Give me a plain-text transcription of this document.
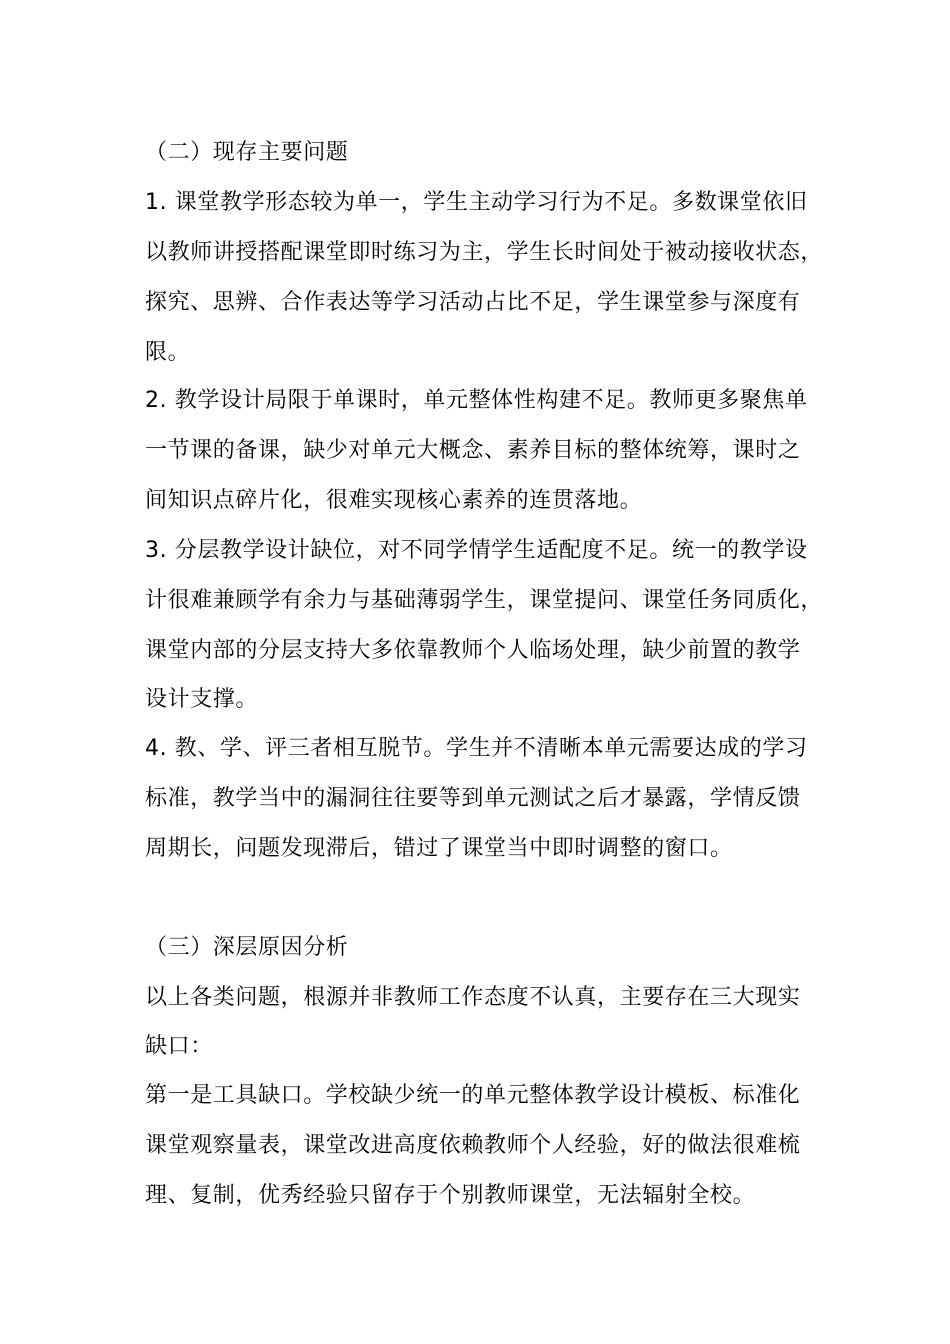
（二）现存主要问题
1. 课堂教学形态较为单一，学生主动学习行为不足。多数课堂依旧
以教师讲授搭配课堂即时练习为主，学生长时间处于被动接收状态，
探究、思辨、合作表达等学习活动占比不足，学生课堂参与深度有
限。
2. 教学设计局限于单课时，单元整体性构建不足。教师更多聚焦单
一节课的备课，缺少对单元大概念、素养目标的整体统筹，课时之
间知识点碎片化，很难实现核心素养的连贯落地。
3. 分层教学设计缺位，对不同学情学生适配度不足。统一的教学设
计很难兼顾学有余力与基础薄弱学生，课堂提问、课堂任务同质化，
课堂内部的分层支持大多依靠教师个人临场处理，缺少前置的教学
设计支撑。
4. 教、学、评三者相互脱节。学生并不清晰本单元需要达成的学习
标准，教学当中的漏洞往往要等到单元测试之后才暴露，学情反馈
周期长，问题发现滞后，错过了课堂当中即时调整的窗口。
（三）深层原因分析
以上各类问题，根源并非教师工作态度不认真，主要存在三大现实
缺口：
第一是工具缺口。学校缺少统一的单元整体教学设计模板、标准化
课堂观察量表，课堂改进高度依赖教师个人经验，好的做法很难梳
理、复制，优秀经验只留存于个别教师课堂，无法辐射全校。
